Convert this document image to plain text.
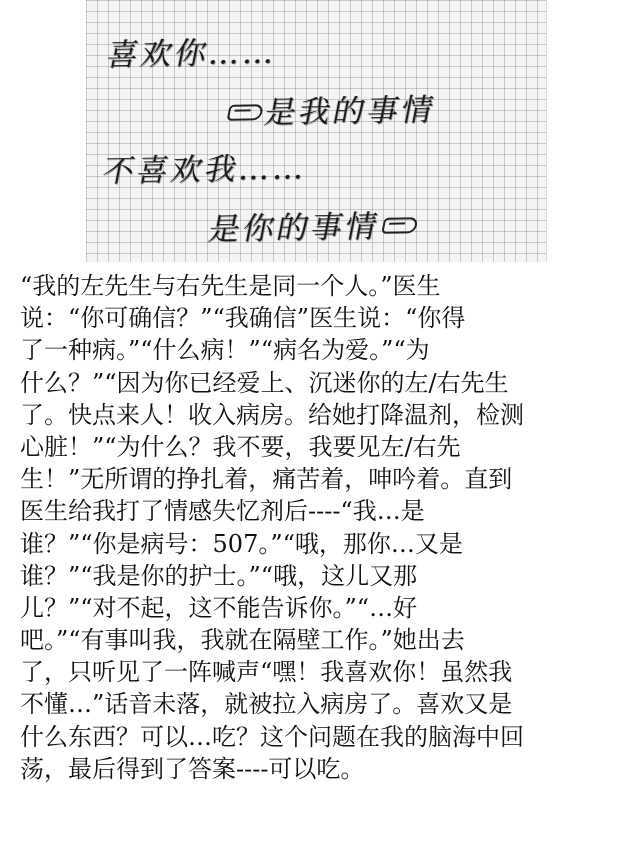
喜欢你……
是我的事情
不喜欢我……
是你的事情
“我的左先生与右先生是同一个人。”医生
说：“你可确信？”“我确信”医生说：“你得
了一种病。”“什么病！”“病名为爱。”“为
什么？”“因为你已经爱上、沉迷你的左/右先生
了。快点来人！收入病房。给她打降温剂，检测
心脏！”“为什么？我不要，我要见左/右先
生！”无所谓的挣扎着，痛苦着，呻吟着。直到
医生给我打了情感失忆剂后----“我…是
谁？”“你是病号：507。”“哦，那你…又是
谁？”“我是你的护士。”“哦，这儿又那
儿？”“对不起，这不能告诉你。”“…好
吧。”“有事叫我，我就在隔壁工作。”她出去
了，只听见了一阵喊声“嘿！我喜欢你！虽然我
不懂…”话音未落，就被拉入病房了。喜欢又是
什么东西？可以…吃？这个问题在我的脑海中回
荡，最后得到了答案----可以吃。
